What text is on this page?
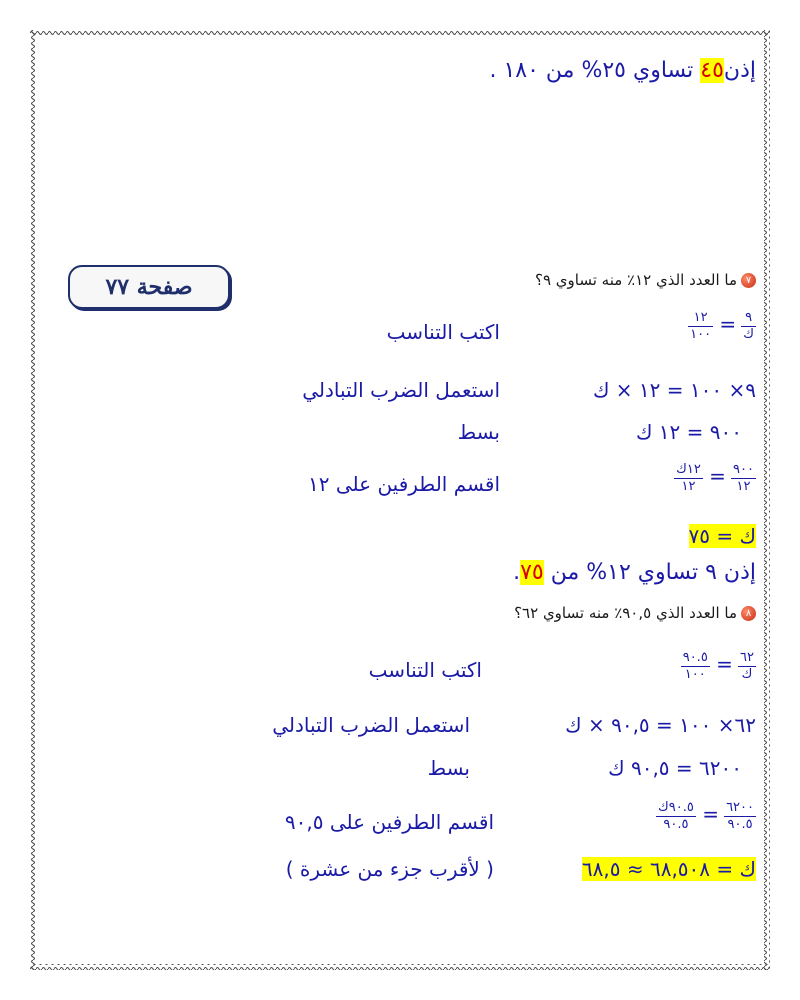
إذن٤٥ تساوي ٢٥% من ١٨٠ .
صفحة ٧٧	٧ما العدد الذي ١٢٪ منه تساوي ٩؟
$\frac{٩}{\text{ك}}$
=
$\frac{١٢}{١٠٠}$
اكتب التناسب
٩× ١٠٠ = ١٢ × ك
استعمل الضرب التبادلي
٩٠٠ = ١٢ ك
بسط
$\frac{٩٠٠}{١٢}$
=
$\frac{\text{١٢ك}}{١٢}$
اقسم الطرفين على ١٢
ك = ٧٥
إذن ٩ تساوي ١٢% من ٧٥.
٨ما العدد الذي ٩٠,٥٪ منه تساوي ٦٢؟
$\frac{٦٢}{\text{ك}}$
=
$\frac{٩٠.٥}{١٠٠}$
اكتب التناسب
٦٢× ١٠٠ = ٩٠,٥ × ك
استعمل الضرب التبادلي
٦٢٠٠ = ٩٠,٥ ك
بسط
$\frac{٦٢٠٠}{٩٠.٥}$
=
$\frac{\text{٩٠.٥ك}}{٩٠.٥}$
اقسم الطرفين على ٩٠,٥
ك = ٦٨,٥٠٨ ≈ ٦٨,٥
( لأقرب جزء من عشرة )
